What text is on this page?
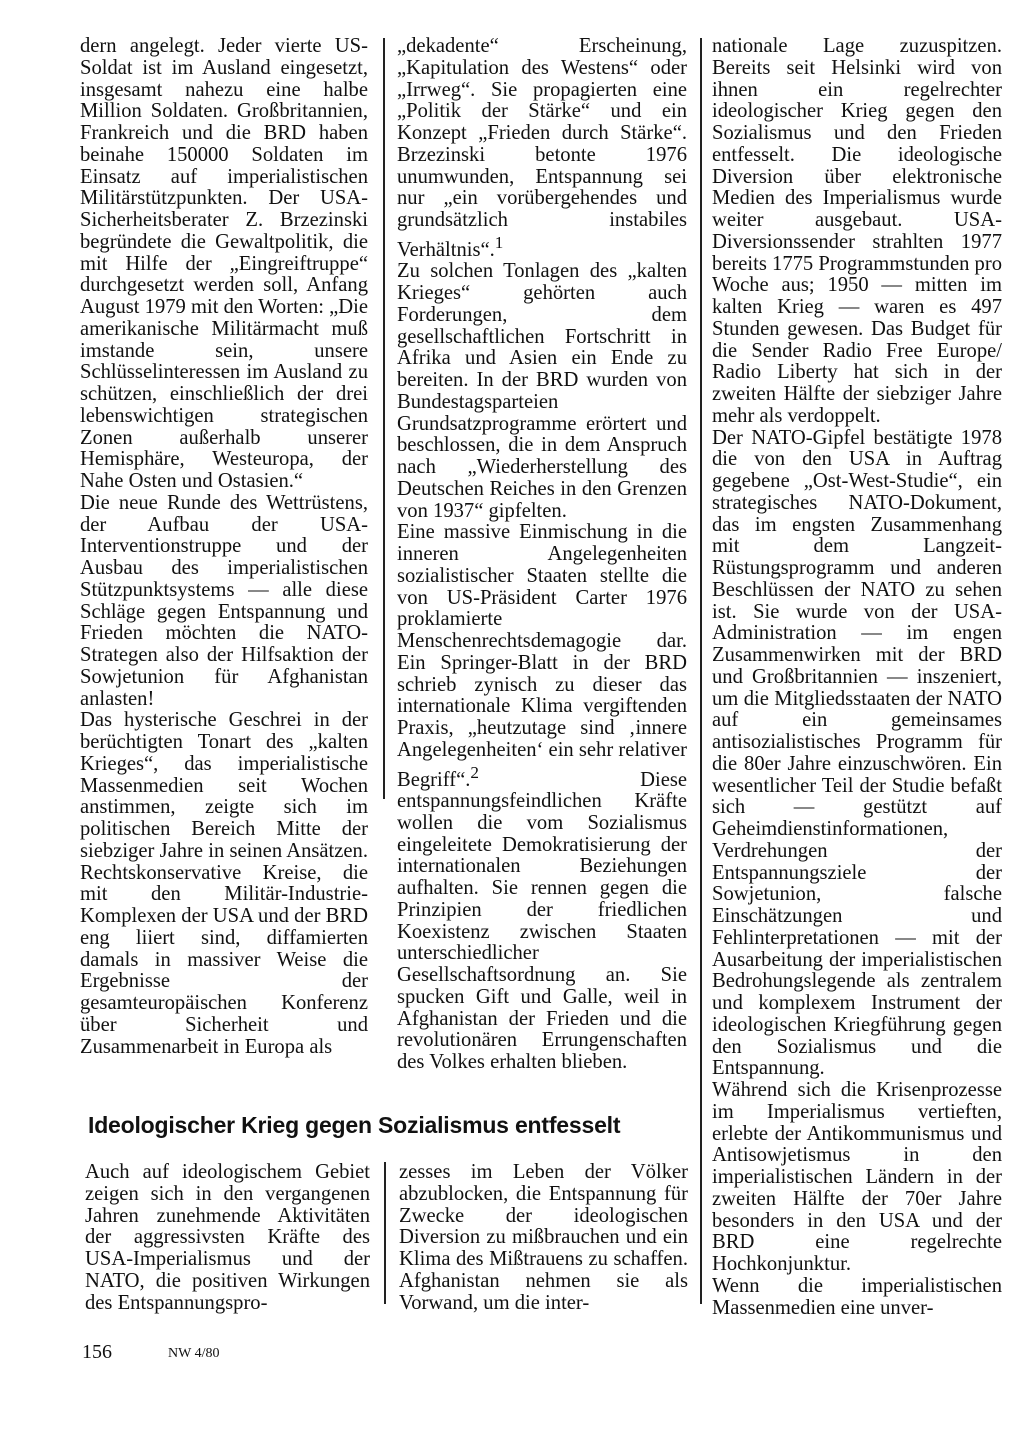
dern angelegt. Jeder vierte US-Soldat ist im Ausland eingesetzt, insgesamt nahezu eine halbe Million Soldaten. Großbritannien, Frankreich und die BRD haben beinahe 150000 Soldaten im Einsatz auf imperialistischen Militärstützpunkten. Der USA-Sicherheitsberater Z. Brzezinski begründete die Gewaltpolitik, die mit Hilfe der „Eingreiftruppe“ durchgesetzt werden soll, Anfang August 1979 mit den Worten: „Die amerikanische Militärmacht muß imstande sein, unsere Schlüsselinteressen im Ausland zu schützen, einschließlich der drei lebenswichtigen strategischen Zonen außerhalb unserer Hemisphäre, Westeuropa, der Nahe Osten und Ostasien.“

Die neue Runde des Wettrüstens, der Aufbau der USA-Interventionstruppe und der Ausbau des imperialistischen Stützpunktsystems — alle diese Schläge gegen Entspannung und Frieden möchten die NATO-Strategen also der Hilfsaktion der Sowjetunion für Afghanistan anlasten!

Das hysterische Geschrei in der berüchtigten Tonart des „kalten Krieges“, das imperialistische Massenmedien seit Wochen anstimmen, zeigte sich im politischen Bereich Mitte der siebziger Jahre in seinen Ansätzen. Rechtskonservative Kreise, die mit den Militär-Industrie-Komplexen der USA und der BRD eng liiert sind, diffamierten damals in massiver Weise die Ergebnisse der gesamteuropäischen Konferenz über Sicherheit und Zusammenarbeit in Europa als

„dekadente“ Erscheinung, „Kapitulation des Westens“ oder „Irrweg“. Sie propagierten eine „Politik der Stärke“ und ein Konzept „Frieden durch Stärke“. Brzezinski betonte 1976 unumwunden, Entspannung sei nur „ein vorübergehendes und grundsätzlich instabiles Verhältnis“.$^1$

Zu solchen Tonlagen des „kalten Krieges“ gehörten auch Forderungen, dem gesellschaftlichen Fortschritt in Afrika und Asien ein Ende zu bereiten. In der BRD wurden von Bundestagsparteien Grundsatzprogramme erörtert und beschlossen, die in dem Anspruch nach „Wiederherstellung des Deutschen Reiches in den Grenzen von 1937“ gipfelten.

Eine massive Einmischung in die inneren Angelegenheiten sozialistischer Staaten stellte die von US-Präsident Carter 1976 proklamierte Menschenrechtsdemagogie dar. Ein Springer-Blatt in der BRD schrieb zynisch zu dieser das internationale Klima vergiftenden Praxis, „heutzutage sind ‚innere Angelegenheiten‘ ein sehr relativer Begriff“.$^2$	Diese entspannungsfeindlichen Kräfte wollen die vom Sozialismus eingeleitete Demokratisierung der internationalen Beziehungen aufhalten. Sie rennen gegen die Prinzipien der friedlichen Koexistenz zwischen Staaten unterschiedlicher Gesellschaftsordnung an. Sie spucken Gift und Galle, weil in Afghanistan der Frieden und die revolutionären Errungenschaften des Volkes erhalten blieben.

nationale Lage zuzuspitzen. Bereits seit Helsinki wird von ihnen ein regelrechter ideologischer Krieg gegen den Sozialismus und den Frieden entfesselt. Die ideologische Diversion über elektronische Medien des Imperialismus wurde weiter ausgebaut. USA-Diversionssender strahlten 1977 bereits 1775 Programmstunden pro Woche aus; 1950 — mitten im kalten Krieg — waren es 497 Stunden gewesen. Das Budget für die Sender Radio Free Europe/ Radio Liberty hat sich in der zweiten Hälfte der siebziger Jahre mehr als verdoppelt.

Der NATO-Gipfel bestätigte 1978 die von den USA in Auftrag gegebene „Ost-West-Studie“, ein strategisches NATO-Dokument, das im engsten Zusammenhang mit dem Langzeit-Rüstungsprogramm und anderen Beschlüssen der NATO zu sehen ist. Sie wurde von der USA-Administration — im engen Zusammenwirken mit der BRD und Großbritannien — inszeniert, um die Mitgliedsstaaten der NATO auf ein gemeinsames antisozialistisches Programm für die 80er Jahre einzuschwören. Ein wesentlicher Teil der Studie befaßt sich — gestützt auf Geheimdienstinformationen, Verdrehungen der Entspannungsziele der Sowjetunion, falsche Einschätzungen und Fehlinterpretationen — mit der Ausarbeitung der imperialistischen Bedrohungslegende als zentralem und komplexem Instrument der ideologischen Kriegführung gegen den Sozialismus und die Entspannung.

Während sich die Krisenprozesse im Imperialismus vertieften, erlebte der Antikommunismus und Antisowjetismus in den imperialistischen Ländern in der zweiten Hälfte der 70er Jahre besonders in den USA und der BRD eine regelrechte Hochkonjunktur.

Wenn die imperialistischen Massenmedien eine unver-

Ideologischer Krieg gegen Sozialismus entfesselt

Auch auf ideologischem Gebiet zeigen sich in den vergangenen Jahren zunehmende Aktivitäten der aggressivsten Kräfte des USA-Imperialismus und der NATO, die positiven Wirkungen des Entspannungspro-

zesses im Leben der Völker abzublocken, die Entspannung für Zwecke der ideologischen Diversion zu mißbrauchen und ein Klima des Mißtrauens zu schaffen. Afghanistan nehmen sie als Vorwand, um die inter-

156	NW 4/80
